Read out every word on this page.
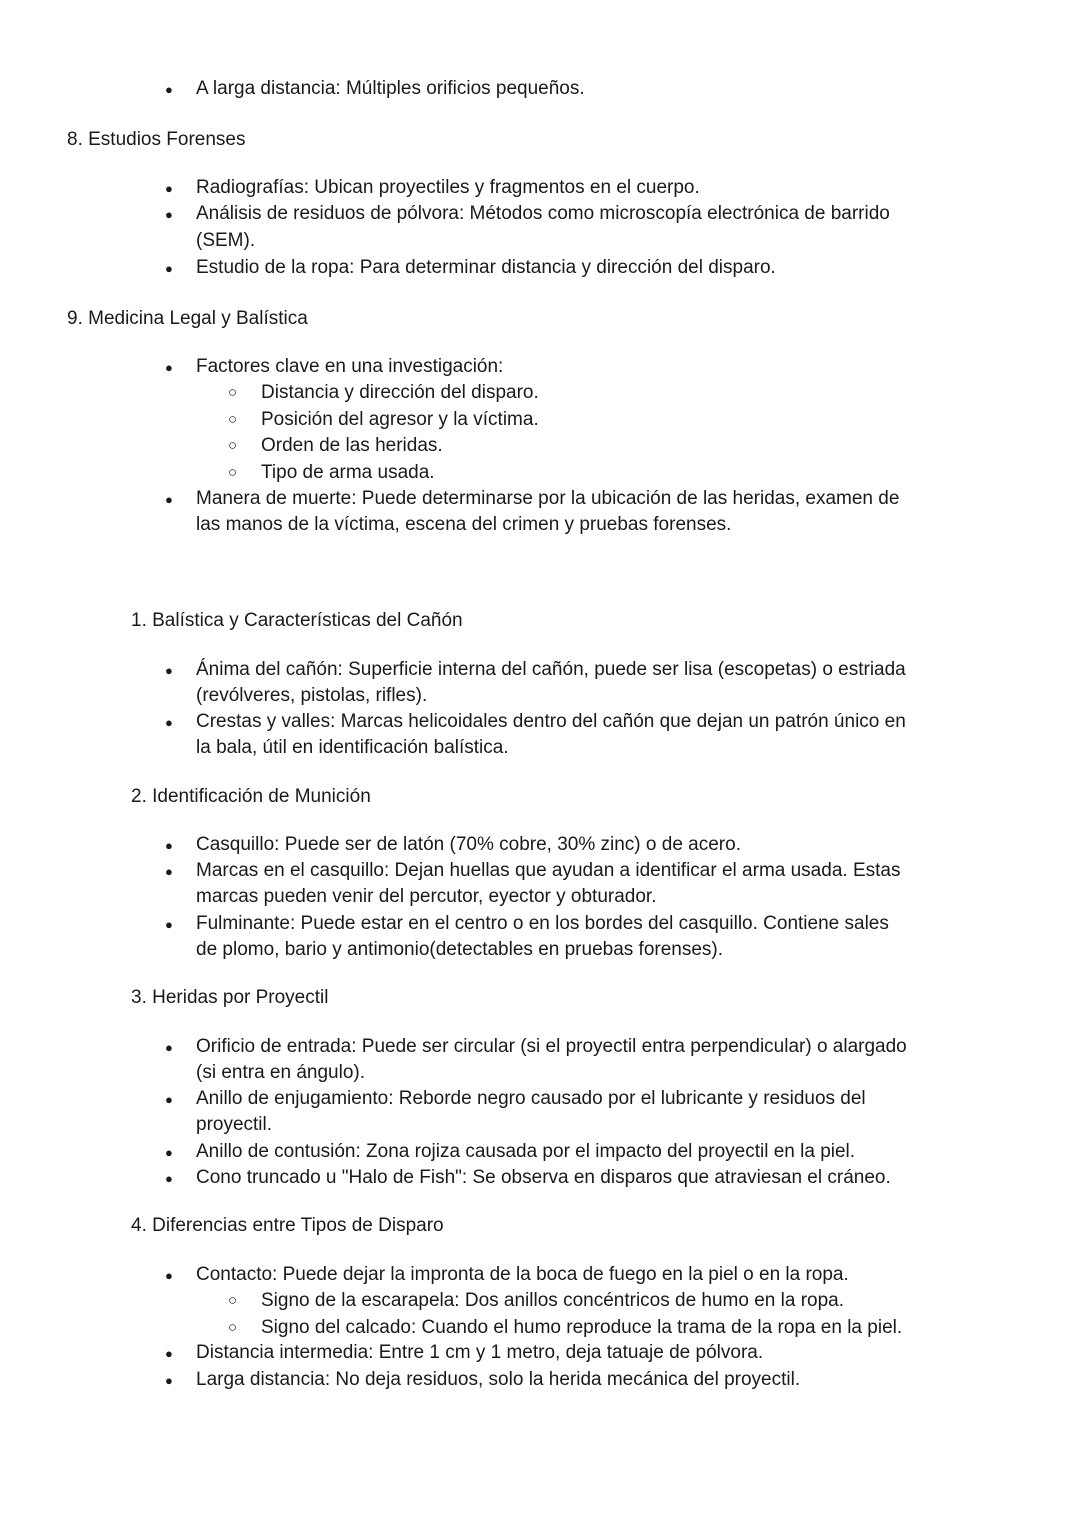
● A larga distancia: Múltiples orificios pequeños.
8. Estudios Forenses
● Radiografías: Ubican proyectiles y fragmentos en el cuerpo.
● Análisis de residuos de pólvora: Métodos como microscopía electrónica de barrido
(SEM).
● Estudio de la ropa: Para determinar distancia y dirección del disparo.
9. Medicina Legal y Balística
● Factores clave en una investigación:
○ Distancia y dirección del disparo.
○ Posición del agresor y la víctima.
○ Orden de las heridas.
○ Tipo de arma usada.
● Manera de muerte: Puede determinarse por la ubicación de las heridas, examen de
las manos de la víctima, escena del crimen y pruebas forenses.
1. Balística y Características del Cañón
● Ánima del cañón: Superficie interna del cañón, puede ser lisa (escopetas) o estriada
(revólveres, pistolas, rifles).
● Crestas y valles: Marcas helicoidales dentro del cañón que dejan un patrón único en
la bala, útil en identificación balística.
2. Identificación de Munición
● Casquillo: Puede ser de latón (70% cobre, 30% zinc) o de acero.
● Marcas en el casquillo: Dejan huellas que ayudan a identificar el arma usada. Estas
marcas pueden venir del percutor, eyector y obturador.
● Fulminante: Puede estar en el centro o en los bordes del casquillo. Contiene sales
de plomo, bario y antimonio(detectables en pruebas forenses).
3. Heridas por Proyectil
● Orificio de entrada: Puede ser circular (si el proyectil entra perpendicular) o alargado
(si entra en ángulo).
● Anillo de enjugamiento: Reborde negro causado por el lubricante y residuos del
proyectil.
● Anillo de contusión: Zona rojiza causada por el impacto del proyectil en la piel.
● Cono truncado u "Halo de Fish": Se observa en disparos que atraviesan el cráneo.
4. Diferencias entre Tipos de Disparo
● Contacto: Puede dejar la impronta de la boca de fuego en la piel o en la ropa.
○ Signo de la escarapela: Dos anillos concéntricos de humo en la ropa.
○ Signo del calcado: Cuando el humo reproduce la trama de la ropa en la piel.
● Distancia intermedia: Entre 1 cm y 1 metro, deja tatuaje de pólvora.
● Larga distancia: No deja residuos, solo la herida mecánica del proyectil.
